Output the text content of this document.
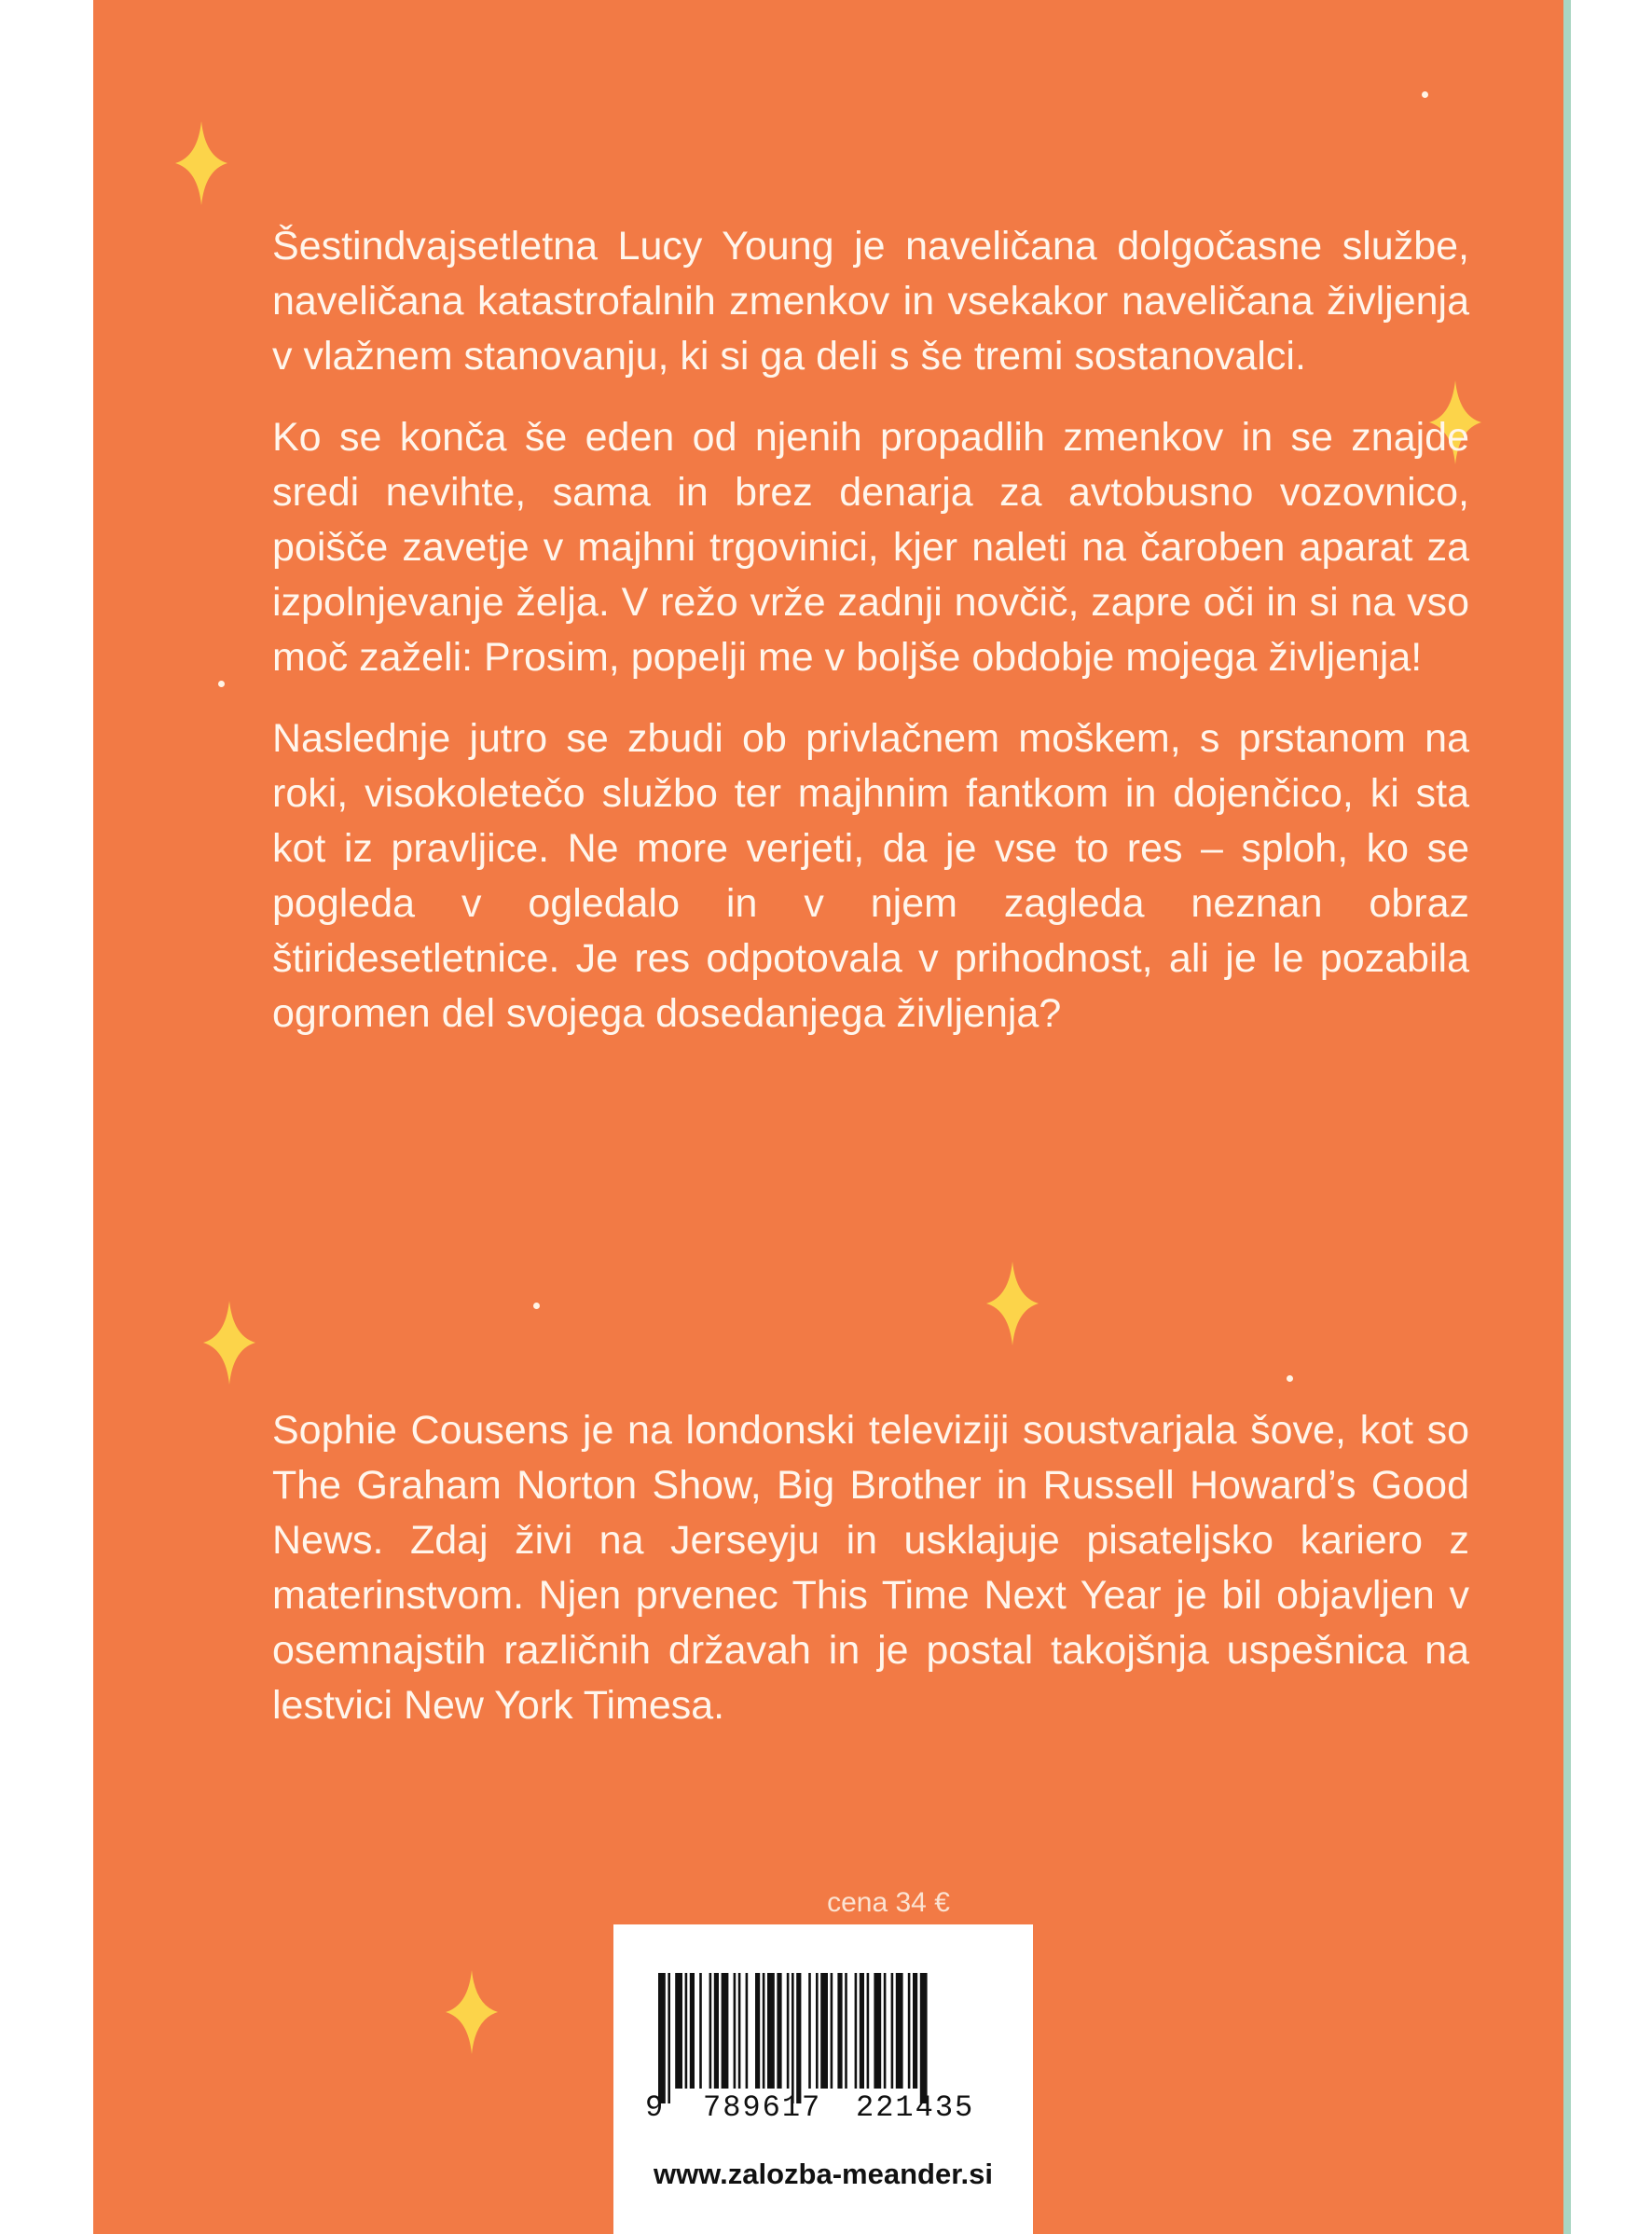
Šestindvajsetletna Lucy Young je naveličana dolgočasne službe, naveličana katastrofalnih zmenkov in vsekakor naveličana življenja v vlažnem stanovanju, ki si ga deli s še tremi sostanovalci.

Ko se konča še eden od njenih propadlih zmenkov in se znajde sredi nevihte, sama in brez denarja za avtobusno vozovnico, poišče zavetje v majhni trgovinici, kjer naleti na čaroben aparat za izpolnjevanje želja. V režo vrže zadnji novčič, zapre oči in si na vso moč zaželi: Prosim, popelji me v boljše obdobje mojega življenja!

Naslednje jutro se zbudi ob privlačnem moškem, s prstanom na roki, visokoletečo službo ter majhnim fantkom in dojenčico, ki sta kot iz pravljice. Ne more verjeti, da je vse to res – sploh, ko se pogleda v ogledalo in v njem zagleda neznan obraz štiridesetletnice. Je res odpotovala v prihodnost, ali je le pozabila ogromen del svojega dosedanjega življenja?

Sophie Cousens je na londonski televiziji soustvarjala šove, kot so The Graham Norton Show, Big Brother in Russell Howard’s Good News. Zdaj živi na Jerseyju in usklajuje pisateljsko kariero z materinstvom. Njen prvenec This Time Next Year je bil objavljen v osemnajstih različnih državah in je postal takojšnja uspešnica na lestvici New York Timesa.

cena 34 €
9 789617 221435
www.zalozba-meander.si
